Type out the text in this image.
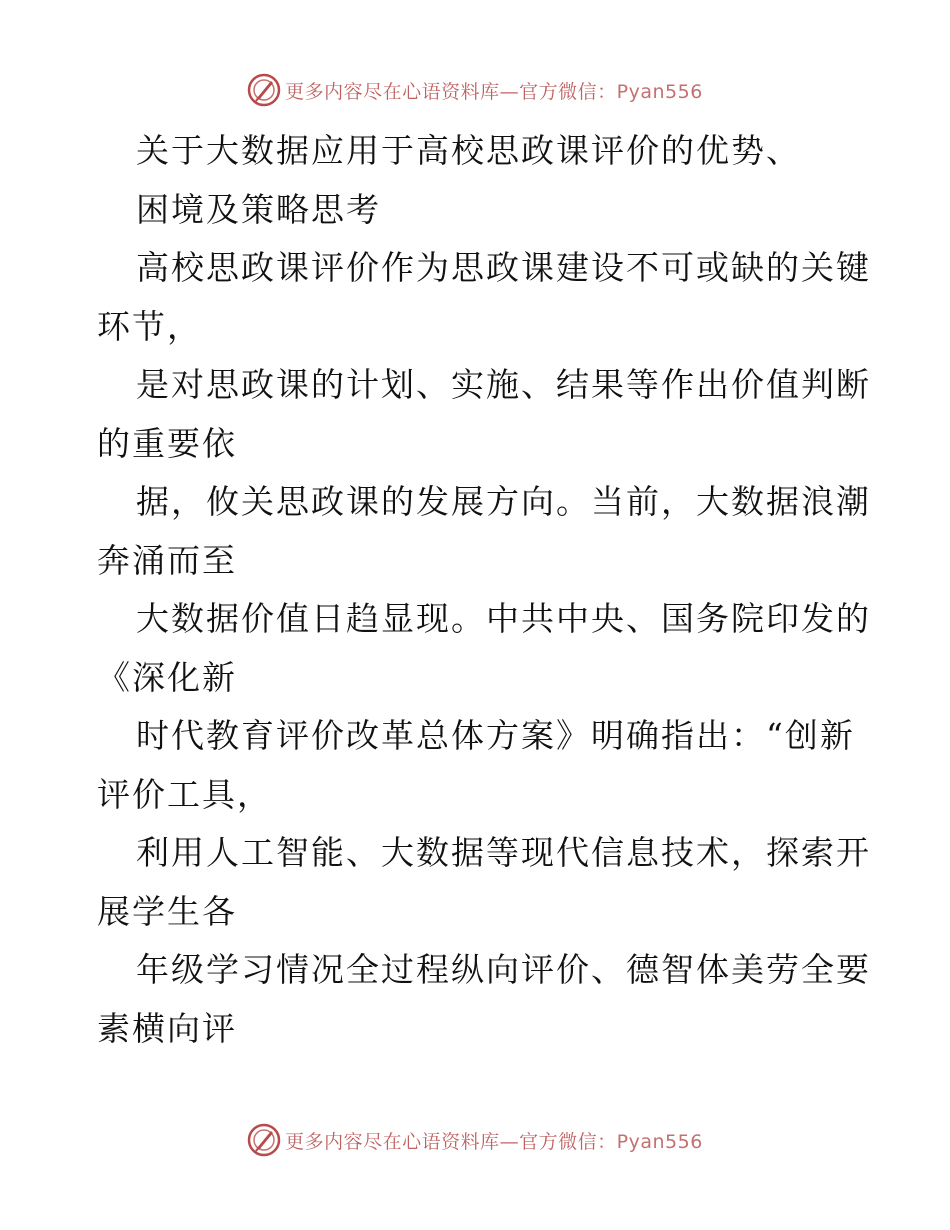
更多内容尽在心语资料库—官方微信：Pyan556
关于大数据应用于高校思政课评价的优势、
困境及策略思考
高校思政课评价作为思政课建设不可或缺的关键
环节，
是对思政课的计划、实施、结果等作出价值判断
的重要依
据，攸关思政课的发展方向。当前，大数据浪潮
奔涌而至
大数据价值日趋显现。中共中央、国务院印发的
《深化新
时代教育评价改革总体方案》明确指出：“创新
评价工具，
利用人工智能、大数据等现代信息技术，探索开
展学生各
年级学习情况全过程纵向评价、德智体美劳全要
素横向评
更多内容尽在心语资料库—官方微信：Pyan556
